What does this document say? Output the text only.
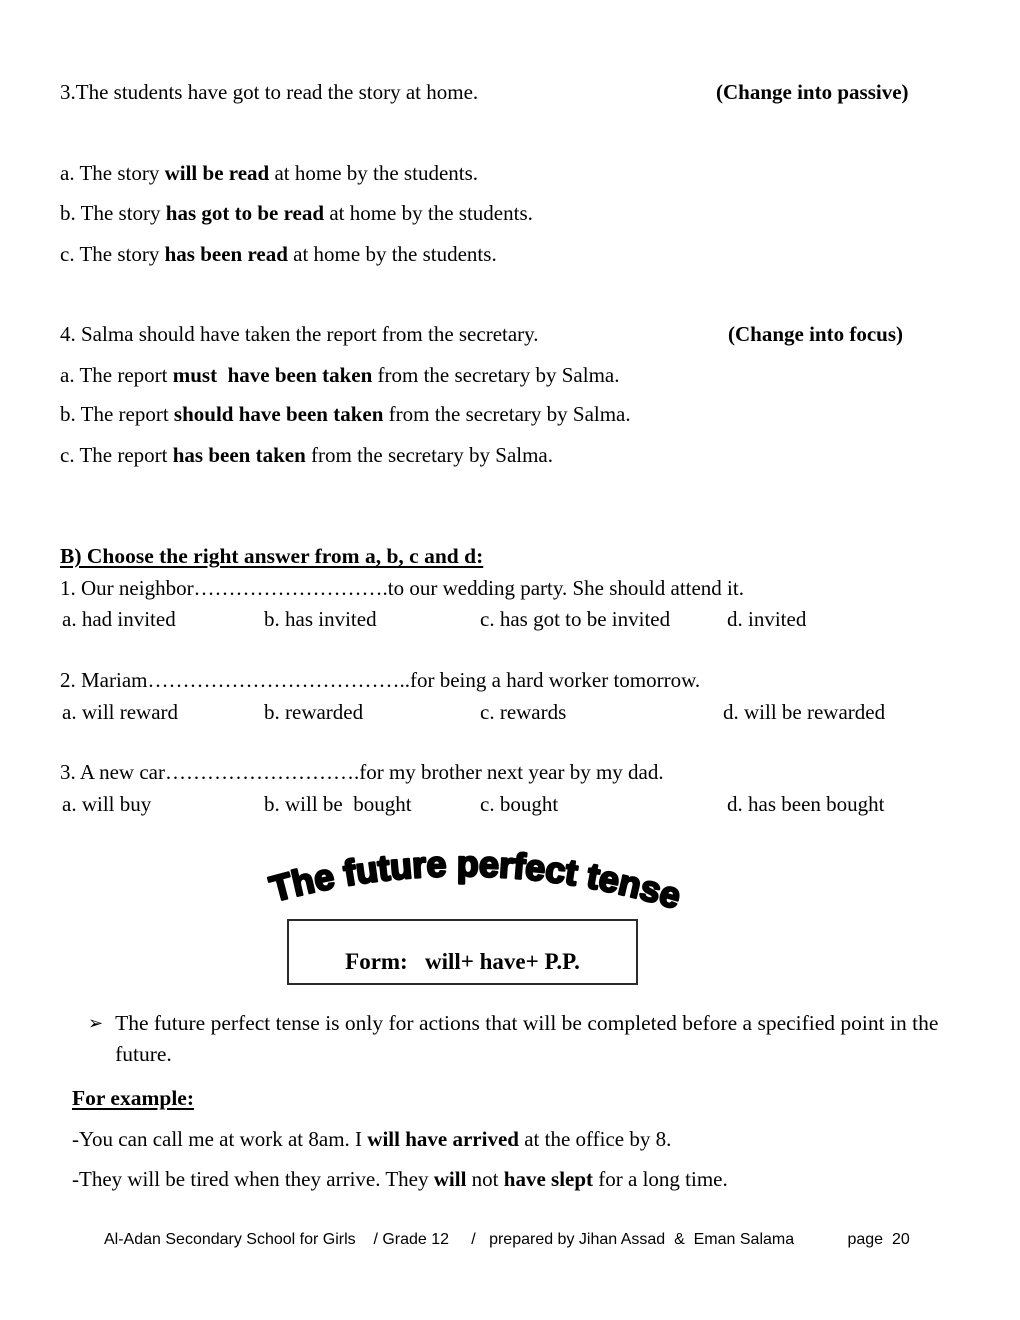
3.The students have got to read the story at home.	(Change into passive)
a. The story will be read at home by the students.
b. The story has got to be read at home by the students.
c. The story has been read at home by the students.
4. Salma should have taken the report from the secretary.	(Change into focus)
a. The report must  have been taken from the secretary by Salma.
b. The report should have been taken from the secretary by Salma.
c. The report has been taken from the secretary by Salma.
B) Choose the right answer from a, b, c and d:
1. Our neighbor……………………….to our wedding party. She should attend it.
a. had invited	b. has invited	c. has got to be invited	d. invited
2. Mariam………………………………..for being a hard worker tomorrow.
a. will reward	b. rewarded	c. rewards	d. will be rewarded
3. A new car……………………….for my brother next year by my dad.
a. will buy	b. will be  bought	c. bought	d. has been bought
The future perfect tense
Form:   will+ have+ P.P.
➢ The future perfect tense is only for actions that will be completed before a specified point in the future.
For example:
-You can call me at work at 8am. I will have arrived at the office by 8.
-They will be tired when they arrive. They will not have slept for a long time.
Al-Adan Secondary School for Girls    / Grade 12     /   prepared by Jihan Assad  &  Eman Salama            page  20
